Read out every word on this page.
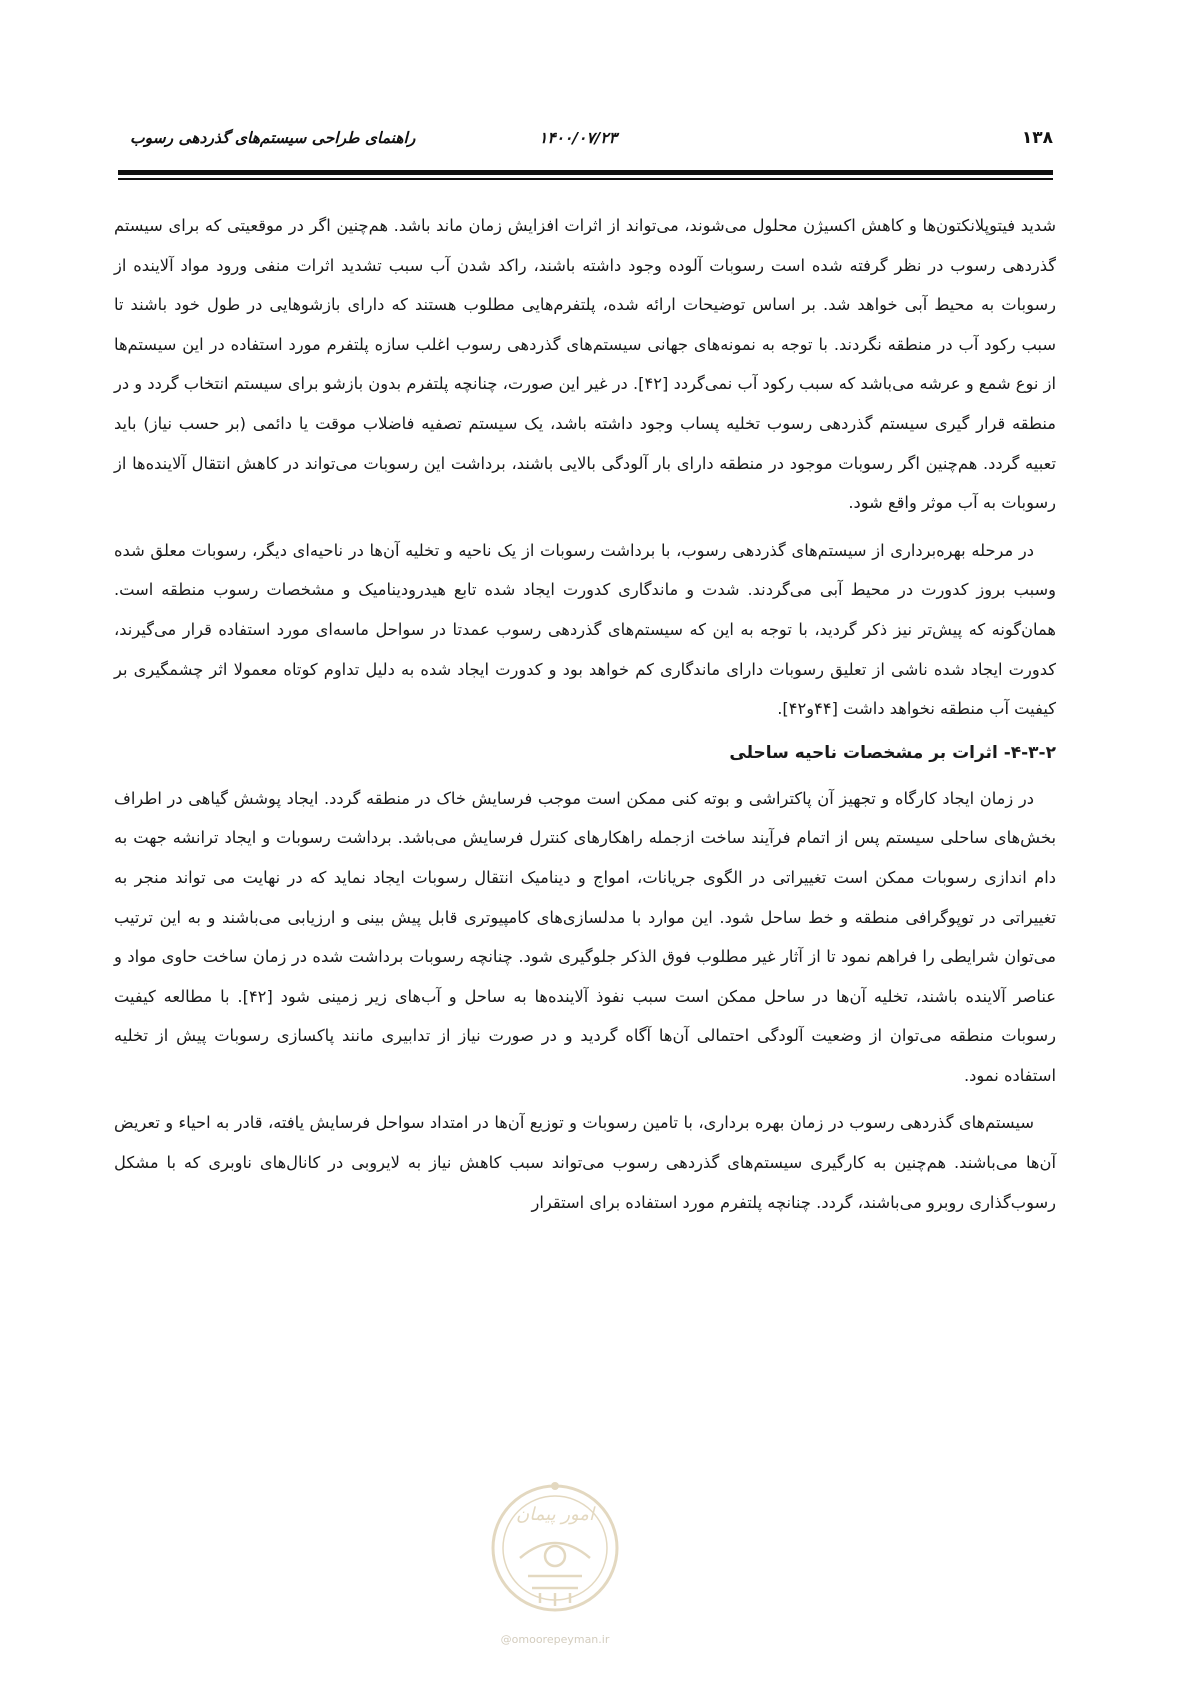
۱۳۸
۱۴۰۰/۰۷/۲۳
راهنمای طراحی سیستم‌های گذردهی رسوب

شدید فیتوپلانکتون‌ها و کاهش اکسیژن محلول می‌شوند، می‌تواند از اثرات افزایش زمان ماند باشد. هم‌چنین اگر در موقعیتی که برای سیستم گذردهی رسوب در نظر گرفته شده است رسوبات آلوده وجود داشته باشند، راکد شدن آب سبب تشدید اثرات منفی ورود مواد آلاینده از رسوبات به محیط آبی خواهد شد. بر اساس توضیحات ارائه شده، پلتفرم‌هایی مطلوب هستند که دارای بازشوهایی در طول خود باشند تا سبب رکود آب در منطقه نگردند. با توجه به نمونه‌های جهانی سیستم‌های گذردهی رسوب اغلب سازه پلتفرم مورد استفاده در این سیستم‌ها از نوع شمع و عرشه می‌باشد که سبب رکود آب نمی‌گردد [۴۲]. در غیر این صورت، چنانچه پلتفرم بدون بازشو برای سیستم انتخاب گردد و در منطقه قرار گیری سیستم گذردهی رسوب تخلیه پساب وجود داشته باشد، یک سیستم تصفیه فاضلاب موقت یا دائمی (بر حسب نیاز) باید تعبیه گردد. هم‌چنین اگر رسوبات موجود در منطقه دارای بار آلودگی بالایی باشند، برداشت این رسوبات می‌تواند در کاهش انتقال آلاینده‌ها از رسوبات به آب موثر واقع شود.

در مرحله بهره‌برداری از سیستم‌های گذردهی رسوب، با برداشت رسوبات از یک ناحیه و تخلیه آن‌ها در ناحیه‌ای دیگر، رسوبات معلق شده وسبب بروز کدورت در محیط آبی می‌گردند. شدت و ماندگاری کدورت ایجاد شده تابع هیدرودینامیک و مشخصات رسوب منطقه است. همان‌گونه که پیش‌تر نیز ذکر گردید، با توجه به این که سیستم‌های گذردهی رسوب عمدتا در سواحل ماسه‌ای مورد استفاده قرار می‌گیرند، کدورت ایجاد شده ناشی از تعلیق رسوبات دارای ماندگاری کم خواهد بود و کدورت ایجاد شده به دلیل تداوم کوتاه معمولا اثر چشمگیری بر کیفیت آب منطقه نخواهد داشت [۴۴و۴۲].

۴-۳-۲- اثرات بر مشخصات ناحیه ساحلی

در زمان ایجاد کارگاه و تجهیز آن پاکتراشی و بوته کنی ممکن است موجب فرسایش خاک در منطقه گردد. ایجاد پوشش گیاهی در اطراف بخش‌های ساحلی سیستم پس از اتمام فرآیند ساخت ازجمله راهکارهای کنترل فرسایش می‌باشد. برداشت رسوبات و ایجاد ترانشه جهت به دام اندازی رسوبات ممکن است تغییراتی در الگوی جریانات، امواج و دینامیک انتقال رسوبات ایجاد نماید که در نهایت می تواند منجر به تغییراتی در توپوگرافی منطقه و خط ساحل شود. این موارد با مدلسازی‌های کامپیوتری قابل پیش بینی و ارزیابی می‌باشند و به این ترتیب می‌توان شرایطی را فراهم نمود تا از آثار غیر مطلوب فوق الذکر جلوگیری شود. چنانچه رسوبات برداشت شده در زمان ساخت حاوی مواد و عناصر آلاینده باشند، تخلیه آن‌ها در ساحل ممکن است سبب نفوذ آلاینده‌ها به ساحل و آب‌های زیر زمینی شود [۴۲]. با مطالعه کیفیت رسوبات منطقه می‌توان از وضعیت آلودگی احتمالی آن‌ها آگاه گردید و در صورت نیاز از تدابیری مانند پاکسازی رسوبات پیش از تخلیه استفاده نمود.

سیستم‌های گذردهی رسوب در زمان بهره برداری، با تامین رسوبات و توزیع آن‌ها در امتداد سواحل فرسایش یافته، قادر به احیاء و تعریض آن‌ها می‌باشند. هم‌چنین به کارگیری سیستم‌های گذردهی رسوب می‌تواند سبب کاهش نیاز به لایروبی در کانال‌های ناوبری که با مشکل رسوب‌گذاری روبرو می‌باشند، گردد. چنانچه پلتفرم مورد استفاده برای استقرار

امور پیمان
@omoorepeyman.ir
